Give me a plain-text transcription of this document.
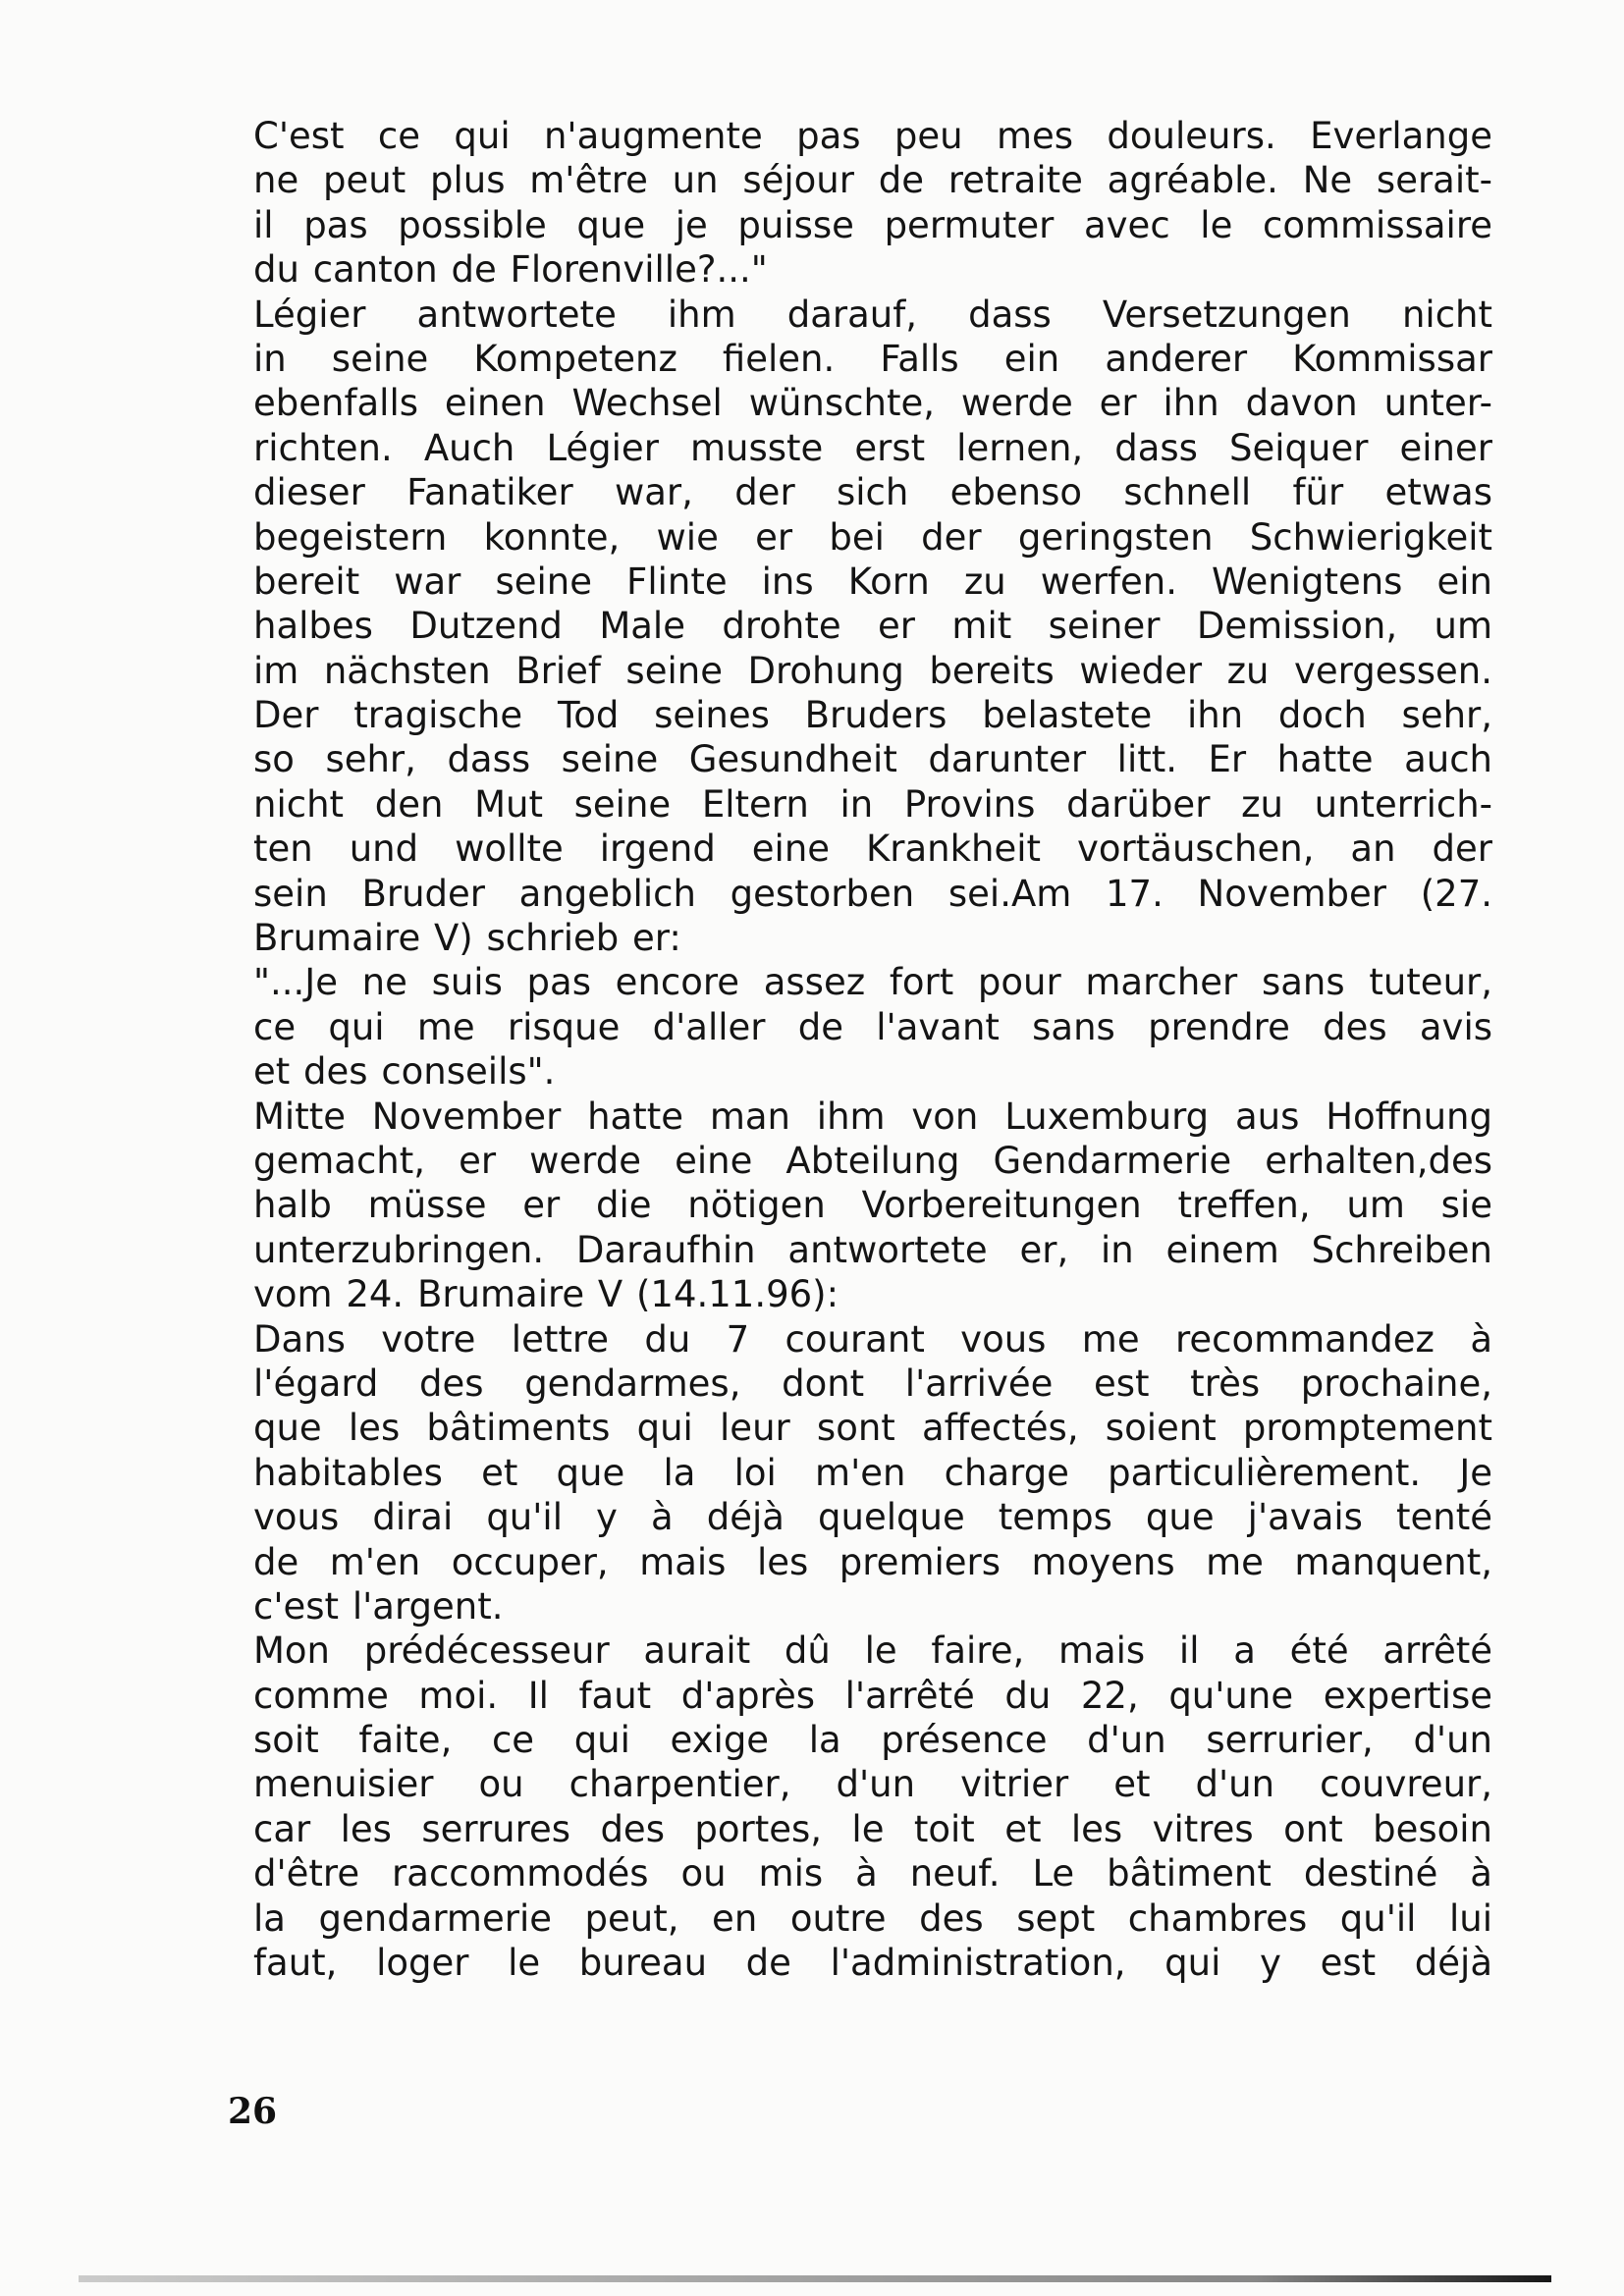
C'est ce qui n'augmente pas peu mes douleurs. Everlange
ne peut plus m'être un séjour de retraite agréable. Ne serait-
il pas possible que je puisse permuter avec le commissaire
du canton de Florenville?..."
Légier antwortete ihm darauf, dass Versetzungen nicht
in seine Kompetenz fielen. Falls ein anderer Kommissar
ebenfalls einen Wechsel wünschte, werde er ihn davon unter-
richten. Auch Légier musste erst lernen, dass Seiquer einer
dieser Fanatiker war, der sich ebenso schnell für etwas
begeistern konnte, wie er bei der geringsten Schwierigkeit
bereit war seine Flinte ins Korn zu werfen. Wenigtens ein
halbes Dutzend Male drohte er mit seiner Demission, um
im nächsten Brief seine Drohung bereits wieder zu vergessen.
Der tragische Tod seines Bruders belastete ihn doch sehr,
so sehr, dass seine Gesundheit darunter litt. Er hatte auch
nicht den Mut seine Eltern in Provins darüber zu unterrich-
ten und wollte irgend eine Krankheit vortäuschen, an der
sein Bruder angeblich gestorben sei.Am 17. November (27.
Brumaire V) schrieb er:
"...Je ne suis pas encore assez fort pour marcher sans tuteur,
ce qui me risque d'aller de l'avant sans prendre des avis
et des conseils".
Mitte November hatte man ihm von Luxemburg aus Hoffnung
gemacht, er werde eine Abteilung Gendarmerie erhalten,des
halb müsse er die nötigen Vorbereitungen treffen, um sie
unterzubringen. Daraufhin antwortete er, in einem Schreiben
vom 24. Brumaire V (14.11.96):
Dans votre lettre du 7 courant vous me recommandez à
l'égard des gendarmes, dont l'arrivée est très prochaine,
que les bâtiments qui leur sont affectés, soient promptement
habitables et que la loi m'en charge particulièrement. Je
vous dirai qu'il y à déjà quelque temps que j'avais tenté
de m'en occuper, mais les premiers moyens me manquent,
c'est l'argent.
Mon prédécesseur aurait dû le faire, mais il a été arrêté
comme moi. Il faut d'après l'arrêté du 22, qu'une expertise
soit faite, ce qui exige la présence d'un serrurier, d'un
menuisier ou charpentier, d'un vitrier et d'un couvreur,
car les serrures des portes, le toit et les vitres ont besoin
d'être raccommodés ou mis à neuf. Le bâtiment destiné à
la gendarmerie peut, en outre des sept chambres qu'il lui
faut, loger le bureau de l'administration, qui y est déjà
26
